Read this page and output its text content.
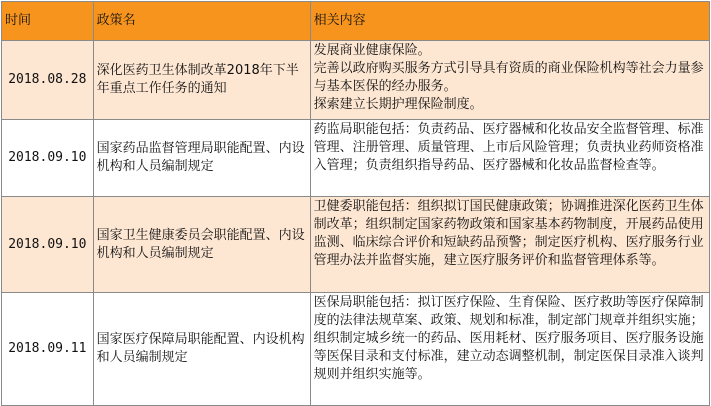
时间	政策名	相关内容
2018.08.28	深化医药卫生体制改革2018年下半年重点工作任务的通知	发展商业健康保险。
完善以政府购买服务方式引导具有资质的商业保险机构等社会力量参与基本医保的经办服务。
探索建立长期护理保险制度。

2018.09.10	国家药品监督管理局职能配置、内设机构和人员编制规定	药监局职能包括：负责药品、医疗器械和化妆品安全监督管理、标准管理、注册管理、质量管理、上市后风险管理；负责执业药师资格准入管理；负责组织指导药品、医疗器械和化妆品监督检查等。

2018.09.10	国家卫生健康委员会职能配置、内设机构和人员编制规定	卫健委职能包括：组织拟订国民健康政策；协调推进深化医药卫生体制改革；组织制定国家药物政策和国家基本药物制度，开展药品使用监测、临床综合评价和短缺药品预警；制定医疗机构、医疗服务行业管理办法并监督实施，建立医疗服务评价和监督管理体系等。

2018.09.11	国家医疗保障局职能配置、内设机构和人员编制规定	医保局职能包括：拟订医疗保险、生育保险、医疗救助等医疗保障制度的法律法规草案、政策、规划和标准，制定部门规章并组织实施；组织制定城乡统一的药品、医用耗材、医疗服务项目、医疗服务设施等医保目录和支付标准，建立动态调整机制，制定医保目录准入谈判规则并组织实施等。
